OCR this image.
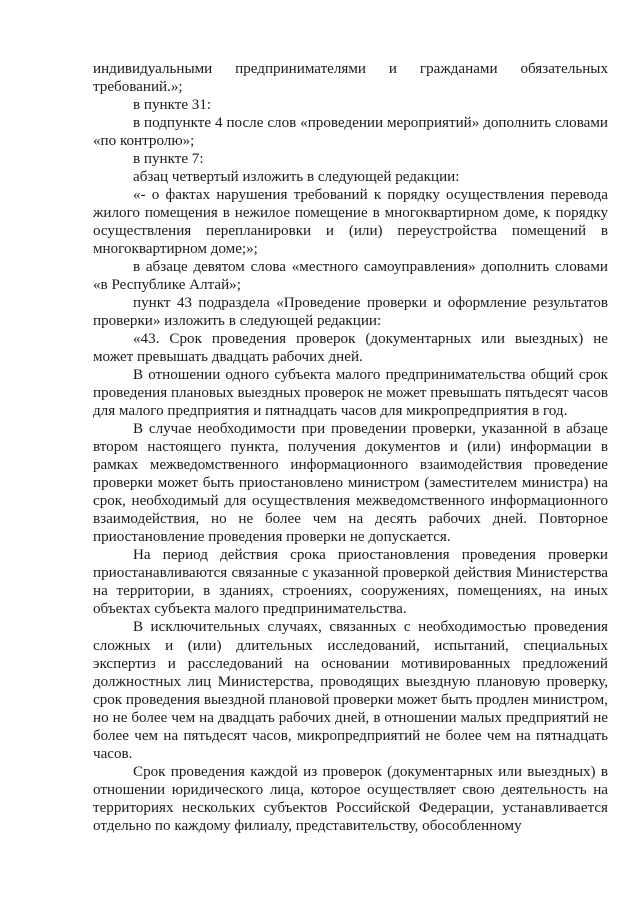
индивидуальными предпринимателями и гражданами обязательных требований.»;

в пункте 31:

в подпункте 4 после слов «проведении мероприятий» дополнить словами «по контролю»;

в пункте 7:

абзац четвертый изложить в следующей редакции:

«- о фактах нарушения требований к порядку осуществления перевода жилого помещения в нежилое помещение в многоквартирном доме, к порядку осуществления перепланировки и (или) переустройства помещений в многоквартирном доме;»;

в абзаце девятом слова «местного самоуправления» дополнить словами «в Республике Алтай»;

пункт 43 подраздела «Проведение проверки и оформление результатов проверки» изложить в следующей редакции:

«43. Срок проведения проверок (документарных или выездных) не может превышать двадцать рабочих дней.

В отношении одного субъекта малого предпринимательства общий срок проведения плановых выездных проверок не может превышать пятьдесят часов для малого предприятия и пятнадцать часов для микропредприятия в год.

В случае необходимости при проведении проверки, указанной в абзаце втором настоящего пункта, получения документов и (или) информации в рамках межведомственного информационного взаимодействия проведение проверки может быть приостановлено министром (заместителем министра) на срок, необходимый для осуществления межведомственного информационного взаимодействия, но не более чем на десять рабочих дней. Повторное приостановление проведения проверки не допускается.

На период действия срока приостановления проведения проверки приостанавливаются связанные с указанной проверкой действия Министерства на территории, в зданиях, строениях, сооружениях, помещениях, на иных объектах субъекта малого предпринимательства.

В исключительных случаях, связанных с необходимостью проведения сложных и (или) длительных исследований, испытаний, специальных экспертиз и расследований на основании мотивированных предложений должностных лиц Министерства, проводящих выездную плановую проверку, срок проведения выездной плановой проверки может быть продлен министром, но не более чем на двадцать рабочих дней, в отношении малых предприятий не более чем на пятьдесят часов, микропредприятий не более чем на пятнадцать часов.

Срок проведения каждой из проверок (документарных или выездных) в отношении юридического лица, которое осуществляет свою деятельность на территориях нескольких субъектов Российской Федерации, устанавливается отдельно по каждому филиалу, представительству, обособленному
